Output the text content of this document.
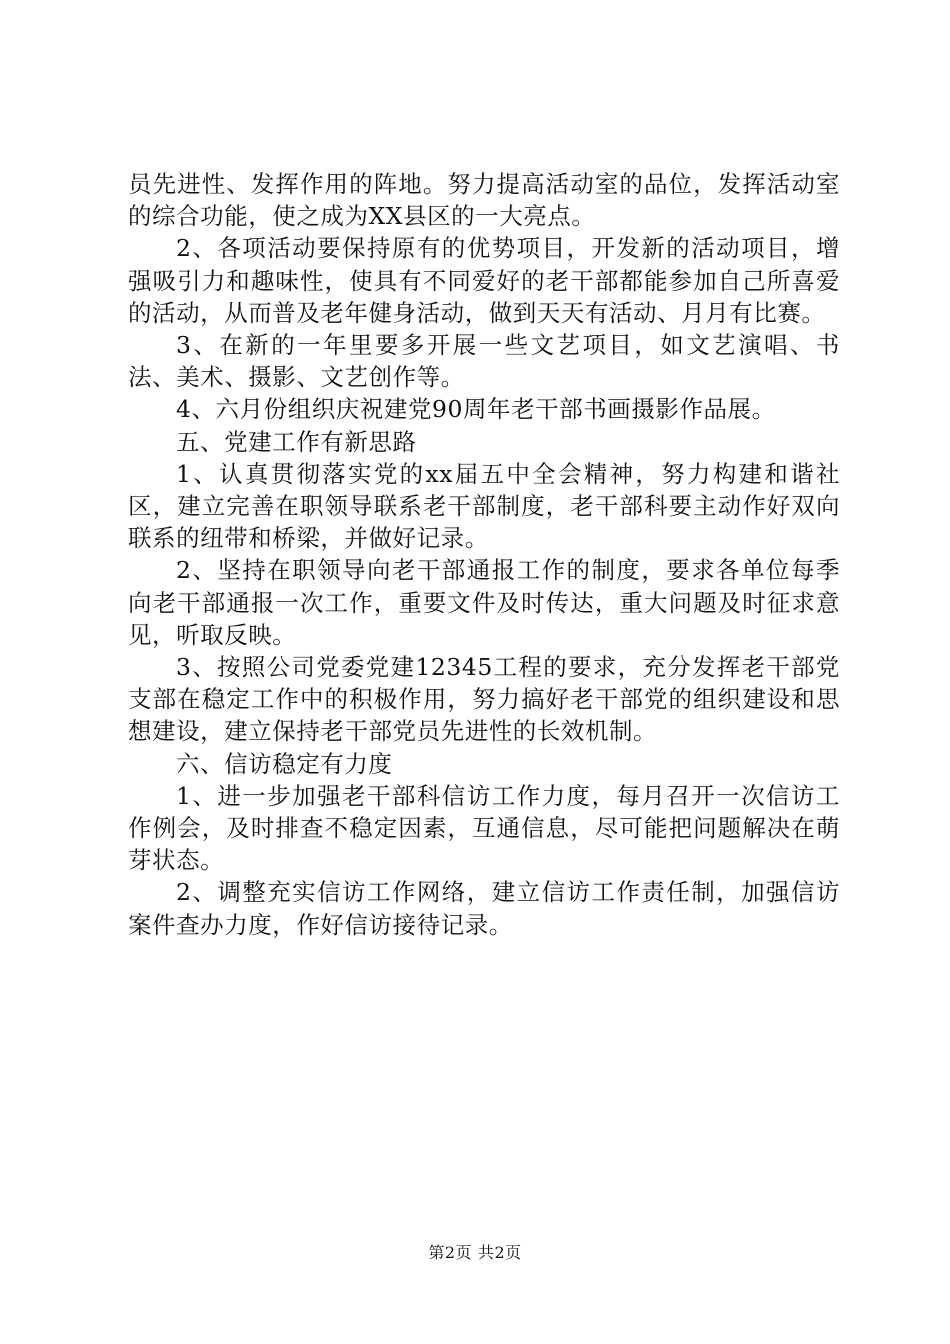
员先进性、发挥作用的阵地。努力提高活动室的品位，发挥活动室的综合功能，使之成为XX县区的一大亮点。

2、各项活动要保持原有的优势项目，开发新的活动项目，增强吸引力和趣味性，使具有不同爱好的老干部都能参加自己所喜爱的活动，从而普及老年健身活动，做到天天有活动、月月有比赛。

3、在新的一年里要多开展一些文艺项目，如文艺演唱、书法、美术、摄影、文艺创作等。

4、六月份组织庆祝建党90周年老干部书画摄影作品展。

五、党建工作有新思路

1、认真贯彻落实党的xx届五中全会精神，努力构建和谐社区，建立完善在职领导联系老干部制度，老干部科要主动作好双向联系的纽带和桥梁，并做好记录。

2、坚持在职领导向老干部通报工作的制度，要求各单位每季向老干部通报一次工作，重要文件及时传达，重大问题及时征求意见，听取反映。

3、按照公司党委党建12345工程的要求，充分发挥老干部党支部在稳定工作中的积极作用，努力搞好老干部党的组织建设和思想建设，建立保持老干部党员先进性的长效机制。

六、信访稳定有力度

1、进一步加强老干部科信访工作力度，每月召开一次信访工作例会，及时排查不稳定因素，互通信息，尽可能把问题解决在萌芽状态。

2、调整充实信访工作网络，建立信访工作责任制，加强信访案件查办力度，作好信访接待记录。

第2页 共2页
